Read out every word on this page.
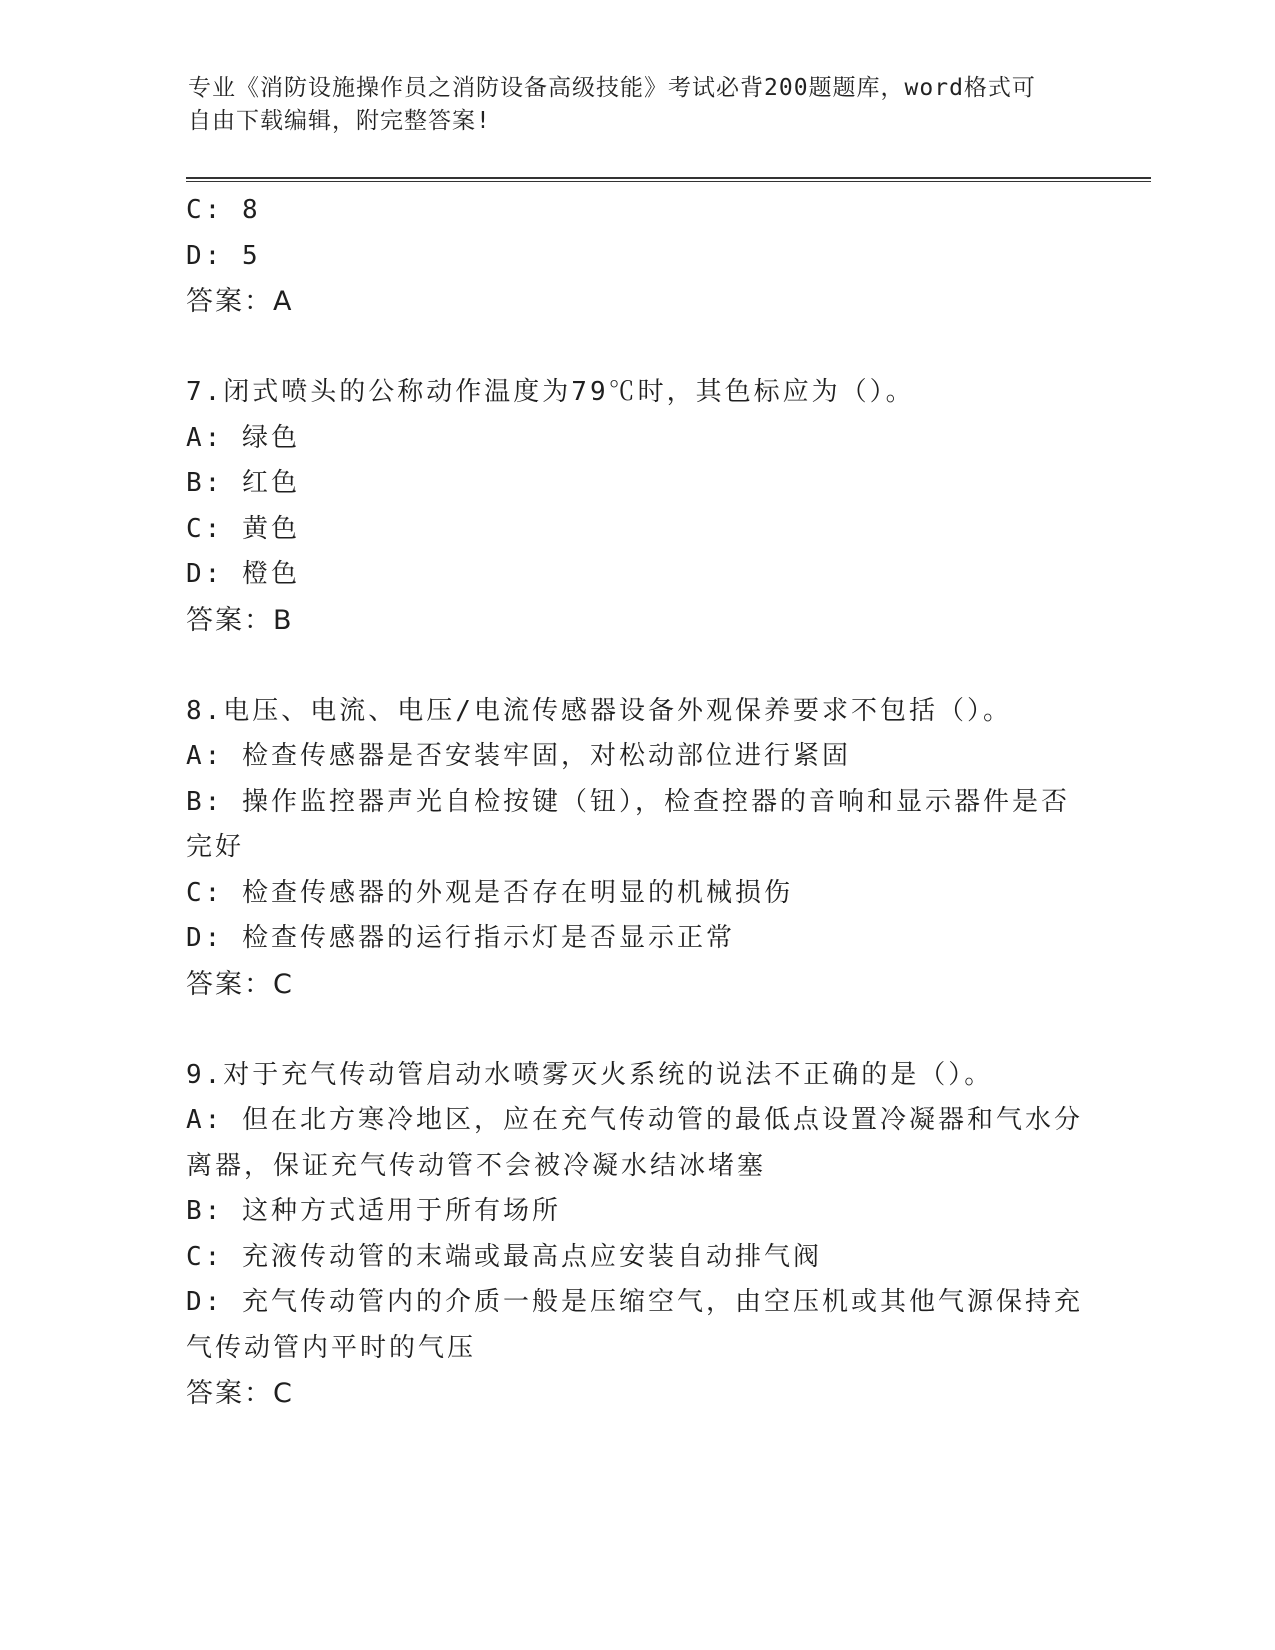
专业《消防设施操作员之消防设备高级技能》考试必背200题题库，word格式可
自由下载编辑，附完整答案!
C: 8
D: 5
答案：A
7.闭式喷头的公称动作温度为79℃时，其色标应为（）。
A: 绿色
B: 红色
C: 黄色
D: 橙色
答案：B
8.电压、电流、电压/电流传感器设备外观保养要求不包括（）。
A: 检查传感器是否安装牢固，对松动部位进行紧固
B: 操作监控器声光自检按键（钮），检查控器的音响和显示器件是否
完好
C: 检查传感器的外观是否存在明显的机械损伤
D: 检查传感器的运行指示灯是否显示正常
答案：C
9.对于充气传动管启动水喷雾灭火系统的说法不正确的是（）。
A: 但在北方寒冷地区，应在充气传动管的最低点设置冷凝器和气水分
离器，保证充气传动管不会被冷凝水结冰堵塞
B: 这种方式适用于所有场所
C: 充液传动管的末端或最高点应安装自动排气阀
D: 充气传动管内的介质一般是压缩空气，由空压机或其他气源保持充
气传动管内平时的气压
答案：C
